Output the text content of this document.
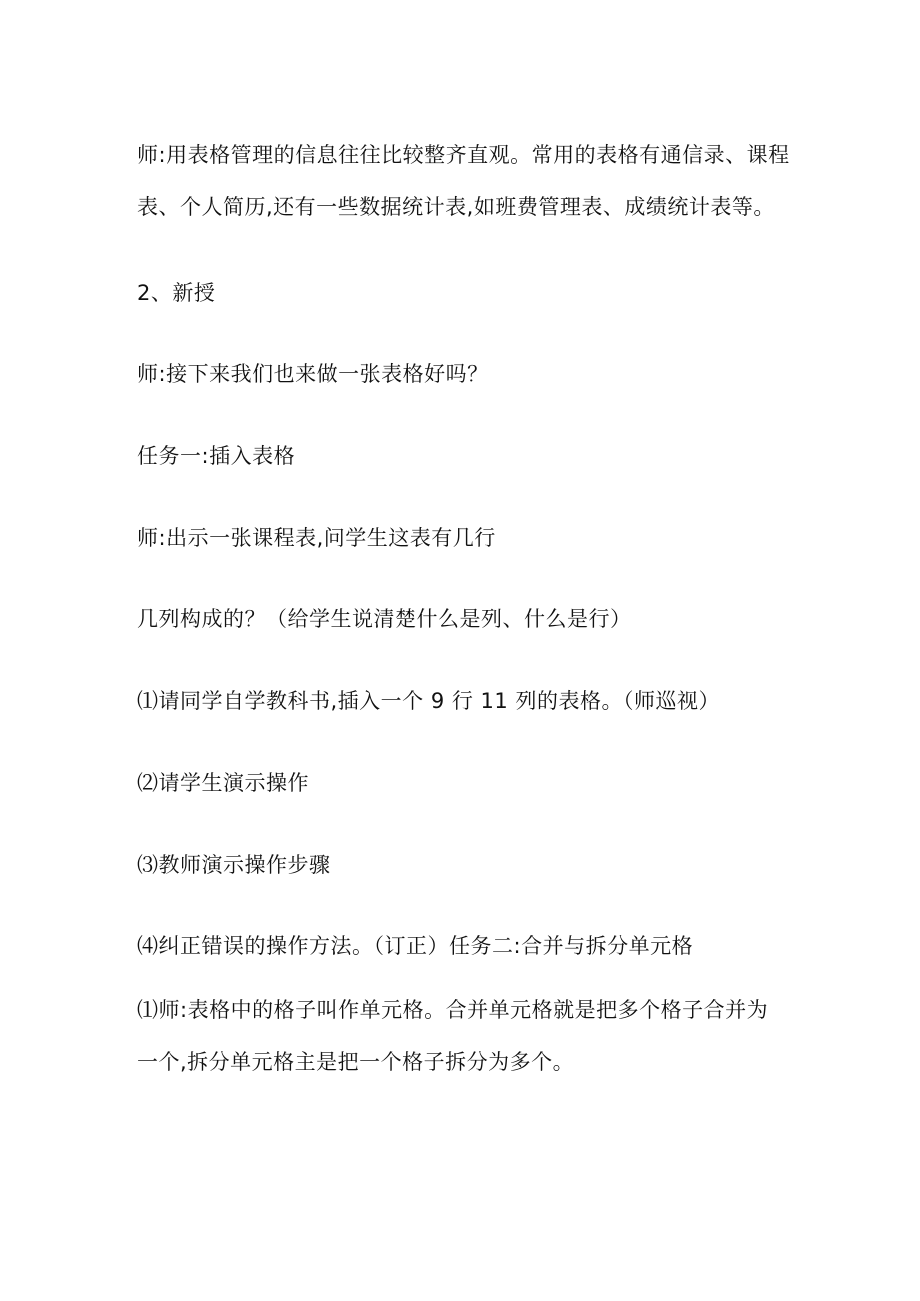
师:用表格管理的信息往往比较整齐直观。常用的表格有通信录、课程
表、个人简历,还有一些数据统计表,如班费管理表、成绩统计表等。

2、新授

师:接下来我们也来做一张表格好吗？

任务一:插入表格

师:出示一张课程表,问学生这表有几行

几列构成的？（给学生说清楚什么是列、什么是行）

⑴请同学自学教科书,插入一个 9 行 11 列的表格。（师巡视）

⑵请学生演示操作

⑶教师演示操作步骤

⑷纠正错误的操作方法。（订正）任务二:合并与拆分单元格

⑴师:表格中的格子叫作单元格。合并单元格就是把多个格子合并为
一个,拆分单元格主是把一个格子拆分为多个。
